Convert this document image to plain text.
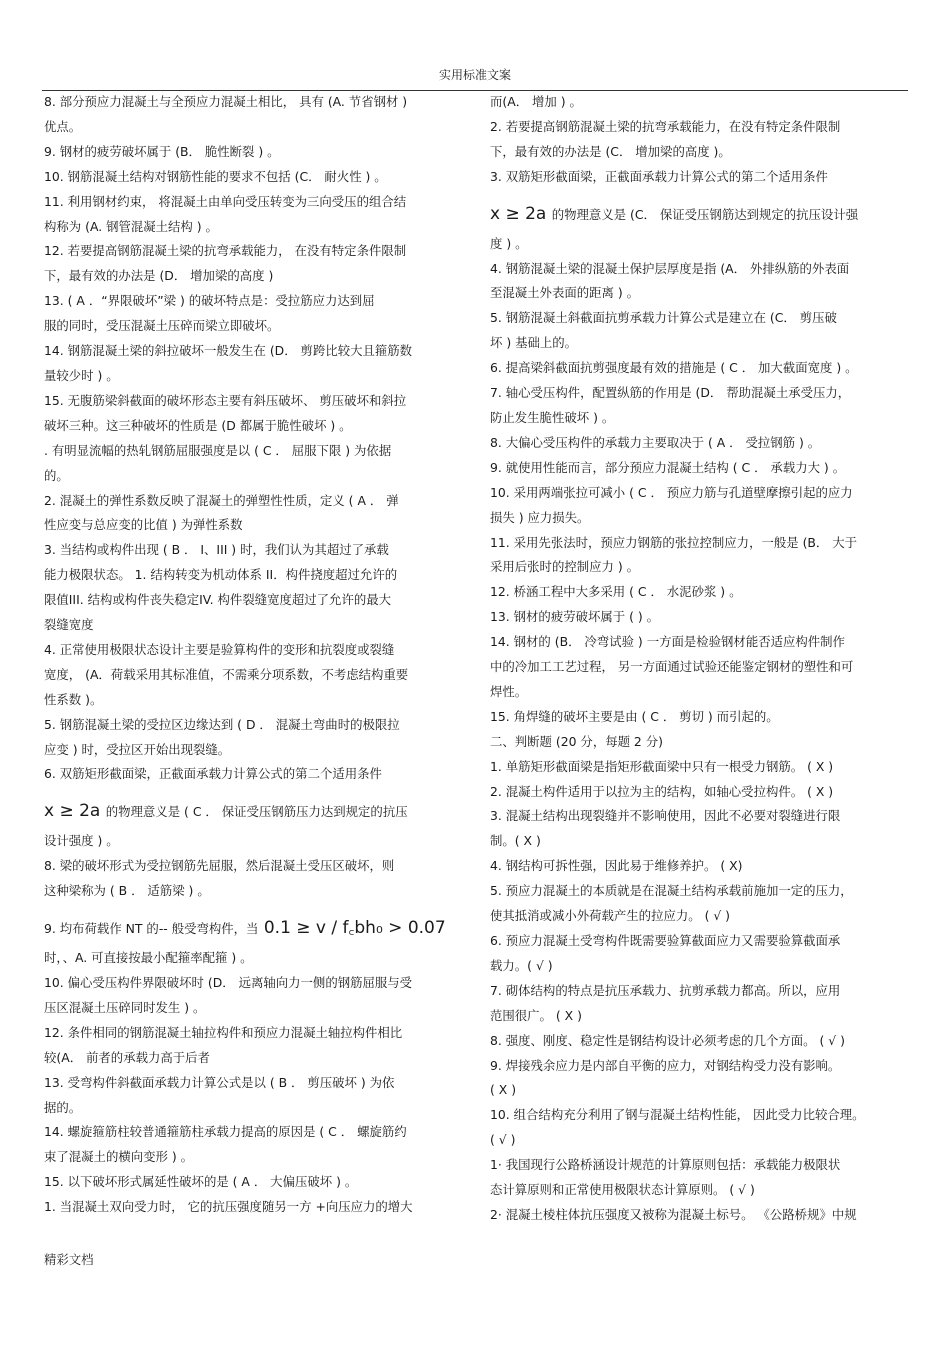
实用标准文案

8. 部分预应力混凝土与全预应力混凝土相比， 具有 (A. 节省钢材 )

优点。

9. 钢材的疲劳破坏属于 (B． 脆性断裂 ) 。

10. 钢筋混凝土结构对钢筋性能的要求不包括 (C． 耐火性 ) 。

11. 利用钢材约束， 将混凝土由单向受压转变为三向受压的组合结

构称为 (A. 钢管混凝土结构 ) 。

12. 若要提高钢筋混凝土梁的抗弯承载能力， 在没有特定条件限制

下，最有效的办法是 (D． 增加梁的高度 )

13. ( A ．“界限破坏”梁 ) 的破坏特点是：受拉筋应力达到屈

服的同时，受压混凝土压碎而梁立即破坏。

14. 钢筋混凝土梁的斜拉破坏一般发生在 (D． 剪跨比较大且箍筋数

量较少时 ) 。

15. 无腹筋梁斜截面的破坏形态主要有斜压破坏、 剪压破坏和斜拉

破坏三种。这三种破坏的性质是 (D 都属于脆性破坏 ) 。

. 有明显流幅的热轧钢筋屈服强度是以 ( C ． 屈服下限 ) 为依据

的。

2. 混凝土的弹性系数反映了混凝土的弹塑性性质，定义 ( A ． 弹

性应变与总应变的比值 ) 为弹性系数

3. 当结构或构件出现 ( B ． I、III ) 时，我们认为其超过了承载

能力极限状态。 1. 结构转变为机动体系 II．构件挠度超过允许的

限值III. 结构或构件丧失稳定IV. 构件裂缝宽度超过了允许的最大

裂缝宽度

4. 正常使用极限状态设计主要是验算构件的变形和抗裂度或裂缝

宽度， (A．荷载采用其标准值，不需乘分项系数，不考虑结构重要

性系数 )。

5. 钢筋混凝土梁的受拉区边缘达到 ( D ． 混凝土弯曲时的极限拉

应变 ) 时，受拉区开始出现裂缝。

6. 双筋矩形截面梁，正截面承载力计算公式的第二个适用条件

x ≥ 2a 的物理意义是 ( C ． 保证受压钢筋压力达到规定的抗压

设计强度 ) 。

8. 梁的破坏形式为受拉钢筋先屈服，然后混凝土受压区破坏，则

这种梁称为 ( B ． 适筋梁 ) 。

9. 均布荷载作 NT 的-- 般受弯构件，当 0.1 ≥ v / f꜀bh₀ > 0.07

时，、A. 可直接按最小配箍率配箍 ) 。

10. 偏心受压构件界限破坏时 (D． 远离轴向力一侧的钢筋屈服与受

压区混凝土压碎同时发生 ) 。

12. 条件相同的钢筋混凝土轴拉构件和预应力混凝土轴拉构件相比

较(A． 前者的承载力高于后者

13. 受弯构件斜截面承载力计算公式是以 ( B ． 剪压破坏 ) 为依

据的。

14. 螺旋箍筋柱较普通箍筋柱承载力提高的原因是 ( C ． 螺旋筋约

束了混凝土的横向变形 ) 。

15. 以下破坏形式属延性破坏的是 ( A ． 大偏压破坏 ) 。

1. 当混凝土双向受力时， 它的抗压强度随另一方 +向压应力的增大

而(A． 增加 ) 。

2. 若要提高钢筋混凝土梁的抗弯承载能力，在没有特定条件限制

下，最有效的办法是 (C． 增加梁的高度 )。

3. 双筋矩形截面梁，正截面承载力计算公式的第二个适用条件

x ≥ 2a 的物理意义是 (C． 保证受压钢筋达到规定的抗压设计强

度 ) 。

4. 钢筋混凝土梁的混凝土保护层厚度是指 (A． 外排纵筋的外表面

至混凝土外表面的距离 ) 。

5. 钢筋混凝土斜截面抗剪承载力计算公式是建立在 (C． 剪压破

坏 ) 基础上的。

6. 提高梁斜截面抗剪强度最有效的措施是 ( C ． 加大截面宽度 ) 。

7. 轴心受压构件，配置纵筋的作用是 (D． 帮助混凝土承受压力，

防止发生脆性破坏 ) 。

8. 大偏心受压构件的承载力主要取决于 ( A ． 受拉钢筋 ) 。

9. 就使用性能而言，部分预应力混凝土结构 ( C ． 承载力大 ) 。

10. 采用两端张拉可减小 ( C ． 预应力筋与孔道壁摩擦引起的应力

损失 ) 应力损失。

11. 采用先张法时，预应力钢筋的张拉控制应力，一般是 (B． 大于

采用后张时的控制应力 ) 。

12. 桥涵工程中大多采用 ( C ． 水泥砂浆 ) 。

13. 钢材的疲劳破坏属于 ( ) 。

14. 钢材的 (B． 冷弯试验 ) 一方面是检验钢材能否适应构件制作

中的冷加工工艺过程， 另一方面通过试验还能鉴定钢材的塑性和可

焊性。

15. 角焊缝的破坏主要是由 ( C ． 剪切 ) 而引起的。

二、判断题 (20 分，每题 2 分)

1. 单筋矩形截面梁是指矩形截面梁中只有一根受力钢筋。 ( X )

2. 混凝土构件适用于以拉为主的结构，如轴心受拉构件。 ( X )

3. 混凝土结构出现裂缝并不影响使用，因此不必要对裂缝进行限

制。( X )

4. 钢结构可拆性强，因此易于维修养护。 ( X)

5. 预应力混凝土的本质就是在混凝土结构承载前施加一定的压力，

使其抵消或减小外荷载产生的拉应力。 ( √ )

6. 预应力混凝土受弯构件既需要验算截面应力又需要验算截面承

载力。( √ )

7. 砌体结构的特点是抗压承载力、抗剪承载力都高。所以，应用

范围很广。 ( X )

8. 强度、刚度、稳定性是钢结构设计必须考虑的几个方面。 ( √ )

9. 焊接残余应力是内部自平衡的应力，对钢结构受力没有影响。

( X )

10. 组合结构充分利用了钢与混凝土结构性能， 因此受力比较合理。

( √ )

1· 我国现行公路桥涵设计规范的计算原则包括：承载能力极限状

态计算原则和正常使用极限状态计算原则。 ( √ )

2· 混凝土棱柱体抗压强度又被称为混凝土标号。 《公路桥规》中规

精彩文档
